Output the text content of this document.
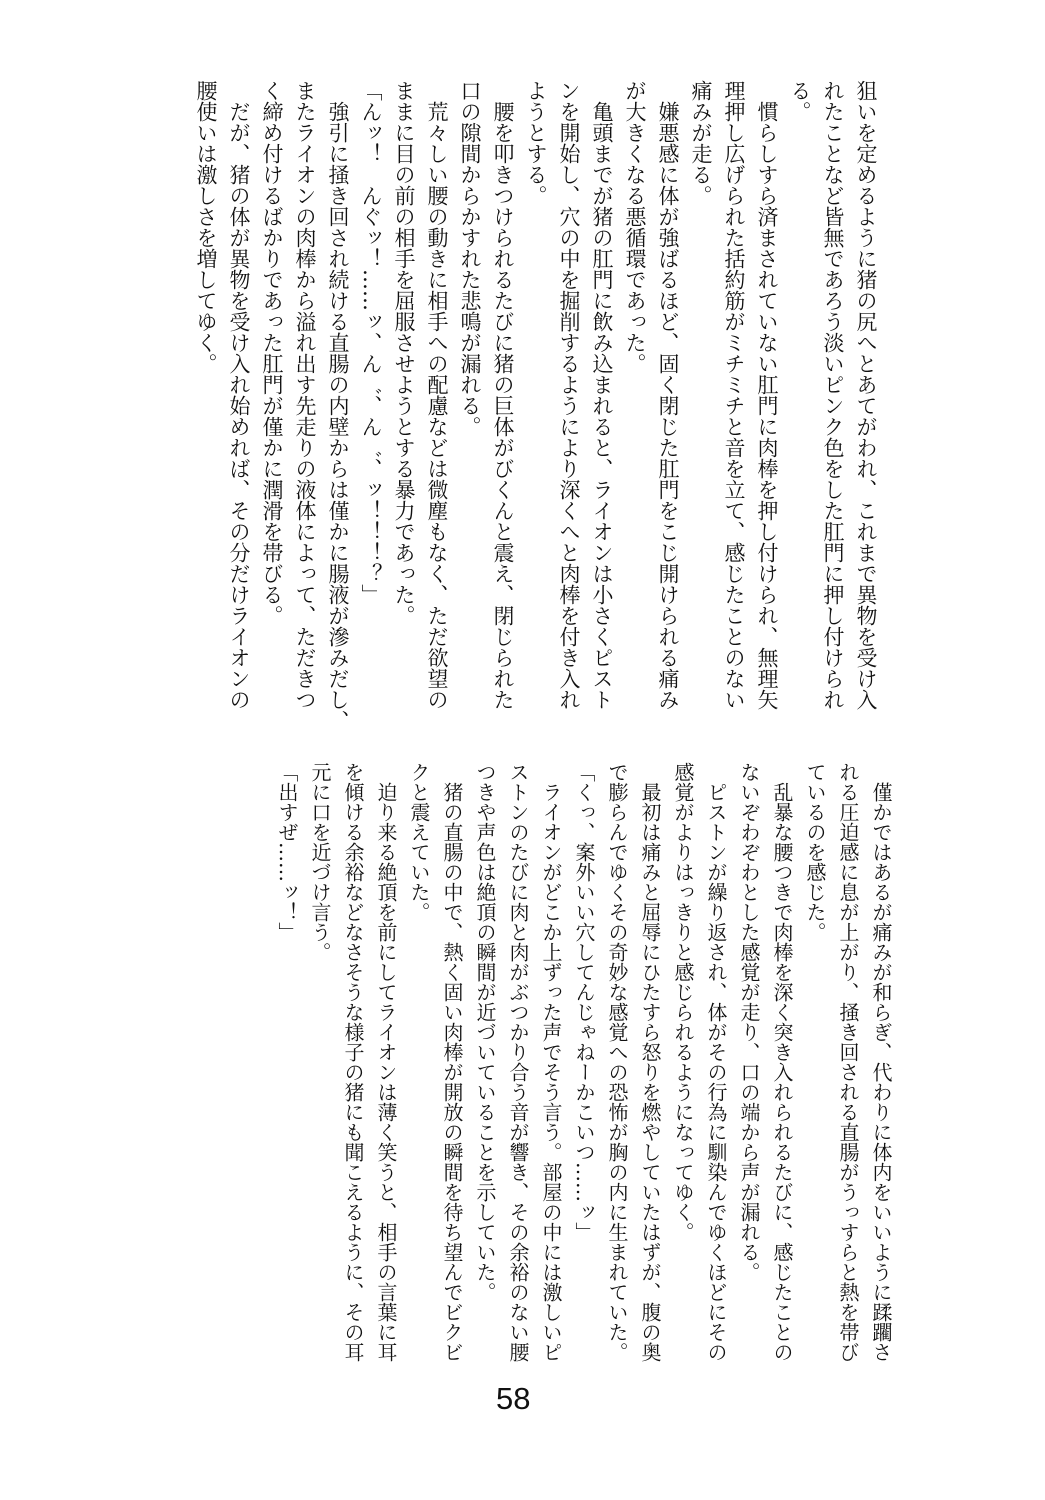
狙いを定めるように猪の尻へとあてがわれ、これまで異物を受け入
れたことなど皆無であろう淡いピンク色をした肛門に押し付けられ
る。
　慣らしすら済まされていない肛門に肉棒を押し付けられ、無理矢
理押し広げられた括約筋がミチミチと音を立て、感じたことのない
痛みが走る。
　嫌悪感に体が強ばるほど、固く閉じた肛門をこじ開けられる痛み
が大きくなる悪循環であった。
　亀頭までが猪の肛門に飲み込まれると、ライオンは小さくピスト
ンを開始し、穴の中を掘削するようにより深くへと肉棒を付き入れ
ようとする。
　腰を叩きつけられるたびに猪の巨体がびくんと震え、閉じられた
口の隙間からかすれた悲鳴が漏れる。
　荒々しい腰の動きに相手への配慮などは微塵もなく、ただ欲望の
ままに目の前の相手を屈服させようとする暴力であった。
「んッ！　んぐッ！……ッ、ん゛、ん゛、ッ！！！？」
　強引に掻き回され続ける直腸の内壁からは僅かに腸液が滲みだし、
またライオンの肉棒から溢れ出す先走りの液体によって、ただきつ
く締め付けるばかりであった肛門が僅かに潤滑を帯びる。
　だが、猪の体が異物を受け入れ始めれば、その分だけライオンの
腰使いは激しさを増してゆく。
　僅かではあるが痛みが和らぎ、代わりに体内をいいように蹂躙さ
れる圧迫感に息が上がり、掻き回される直腸がうっすらと熱を帯び
ているのを感じた。
　乱暴な腰つきで肉棒を深く突き入れられるたびに、感じたことの
ないぞわぞわとした感覚が走り、口の端から声が漏れる。
　ピストンが繰り返され、体がその行為に馴染んでゆくほどにその
感覚がよりはっきりと感じられるようになってゆく。
　最初は痛みと屈辱にひたすら怒りを燃やしていたはずが、腹の奥
で膨らんでゆくその奇妙な感覚への恐怖が胸の内に生まれていた。
「くっ、案外いい穴してんじゃねーかこいつ……ッ」
　ライオンがどこか上ずった声でそう言う。部屋の中には激しいピ
ストンのたびに肉と肉がぶつかり合う音が響き、その余裕のない腰
つきや声色は絶頂の瞬間が近づいていることを示していた。
　猪の直腸の中で、熱く固い肉棒が開放の瞬間を待ち望んでビクビ
クと震えていた。
　迫り来る絶頂を前にしてライオンは薄く笑うと、相手の言葉に耳
を傾ける余裕などなさそうな様子の猪にも聞こえるように、その耳
元に口を近づけ言う。
「出すぜ……ッ！」
58
